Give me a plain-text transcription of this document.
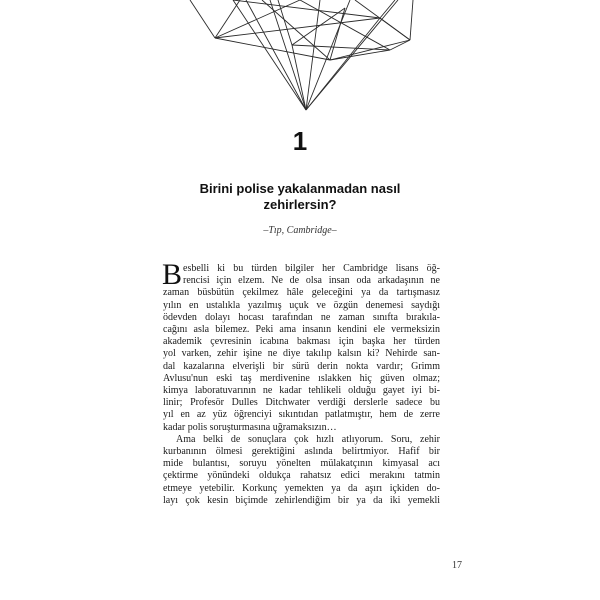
1
Birini polise yakalanmadan nasıl
zehirlersin?
–Tıp, Cambridge–
B esbelli ki bu türden bilgiler her Cambridge lisans öğ-
rencisi için elzem. Ne de olsa insan oda arkadaşının ne
zaman büsbütün çekilmez hâle geleceğini ya da tartışmasız
yılın en ustalıkla yazılmış uçuk ve özgün denemesi saydığı
ödevden dolayı hocası tarafından ne zaman sınıfta bırakıla-
cağını asla bilemez. Peki ama insanın kendini ele vermeksizin
akademik çevresinin icabına bakması için başka her türden
yol varken, zehir işine ne diye takılıp kalsın ki? Nehirde san-
dal kazalarına elverişli bir sürü derin nokta vardır; Grimm
Avlusu'nun eski taş merdivenine ıslakken hiç güven olmaz;
kimya laboratuvarının ne kadar tehlikeli olduğu gayet iyi bi-
linir; Profesör Dulles Ditchwater verdiği derslerle sadece bu
yıl en az yüz öğrenciyi sıkıntıdan patlatmıştır, hem de zerre
kadar polis soruşturmasına uğramaksızın…
Ama belki de sonuçlara çok hızlı atlıyorum. Soru, zehir
kurbanının ölmesi gerektiğini aslında belirtmiyor. Hafif bir
mide bulantısı, soruyu yönelten mülakatçının kimyasal acı
çektirme yönündeki oldukça rahatsız edici merakını tatmin
etmeye yetebilir. Korkunç yemekten ya da aşırı içkiden do-
layı çok kesin biçimde zehirlendiğim bir ya da iki yemekli
17
